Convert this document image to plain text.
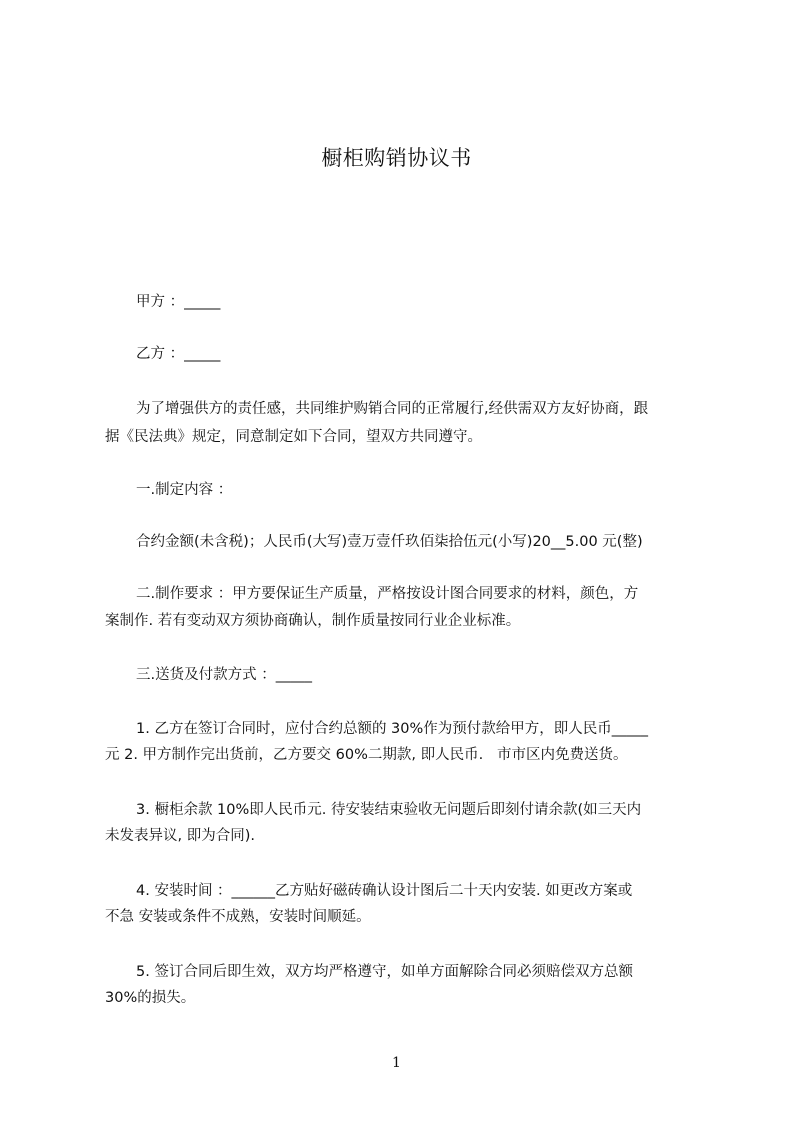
橱柜购销协议书
甲方 ：_____
乙方 ：_____
为了增强供方的责任感，共同维护购销合同的正常履行,经供需双方友好协商，跟
据《民法典》规定，同意制定如下合同，望双方共同遵守。
一.制定内容 ：
合约金额(未含税)；人民币(大写)壹万壹仟玖佰柒拾伍元(小写)20__5.00 元(整)
二.制作要求 ：甲方要保证生产质量，严格按设计图合同要求的材料，颜色，方
案制作. 若有变动双方须协商确认，制作质量按同行业企业标准。
三.送货及付款方式 ：_____
1. 乙方在签订合同时，应付合约总额的 30%作为预付款给甲方，即人民币_____
元 2. 甲方制作完出货前，乙方要交 60%二期款, 即人民币.   市市区内免费送货。
3. 橱柜余款 10%即人民币元. 待安装结束验收无问题后即刻付请余款(如三天内
未发表异议, 即为合同).
4. 安装时间 ：______乙方贴好磁砖确认设计图后二十天内安装. 如更改方案或
不急 安装或条件不成熟，安装时间顺延。
5. 签订合同后即生效，双方均严格遵守，如单方面解除合同必须赔偿双方总额
30%的损失。
1
